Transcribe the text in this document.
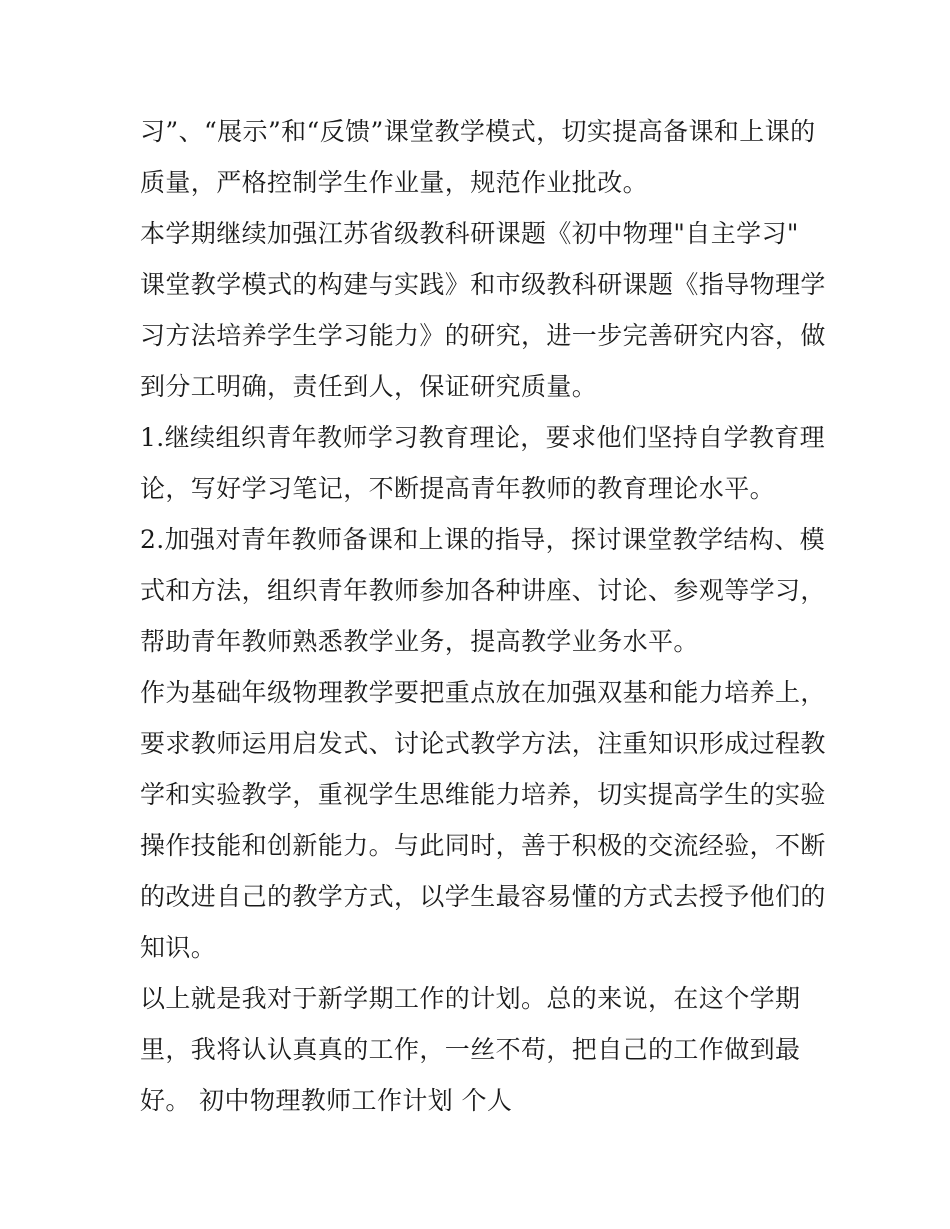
习”、“展示”和“反馈”课堂教学模式，切实提高备课和上课的
质量，严格控制学生作业量，规范作业批改。
本学期继续加强江苏省级教科研课题《初中物理"自主学习"
课堂教学模式的构建与实践》和市级教科研课题《指导物理学
习方法培养学生学习能力》的研究，进一步完善研究内容，做
到分工明确，责任到人，保证研究质量。
1.继续组织青年教师学习教育理论，要求他们坚持自学教育理
论，写好学习笔记，不断提高青年教师的教育理论水平。
2.加强对青年教师备课和上课的指导，探讨课堂教学结构、模
式和方法，组织青年教师参加各种讲座、讨论、参观等学习，
帮助青年教师熟悉教学业务，提高教学业务水平。
作为基础年级物理教学要把重点放在加强双基和能力培养上，
要求教师运用启发式、讨论式教学方法，注重知识形成过程教
学和实验教学，重视学生思维能力培养，切实提高学生的实验
操作技能和创新能力。与此同时，善于积极的交流经验，不断
的改进自己的教学方式，以学生最容易懂的方式去授予他们的
知识。
以上就是我对于新学期工作的计划。总的来说，在这个学期
里，我将认认真真的工作，一丝不苟，把自己的工作做到最
好。 初中物理教师工作计划 个人
